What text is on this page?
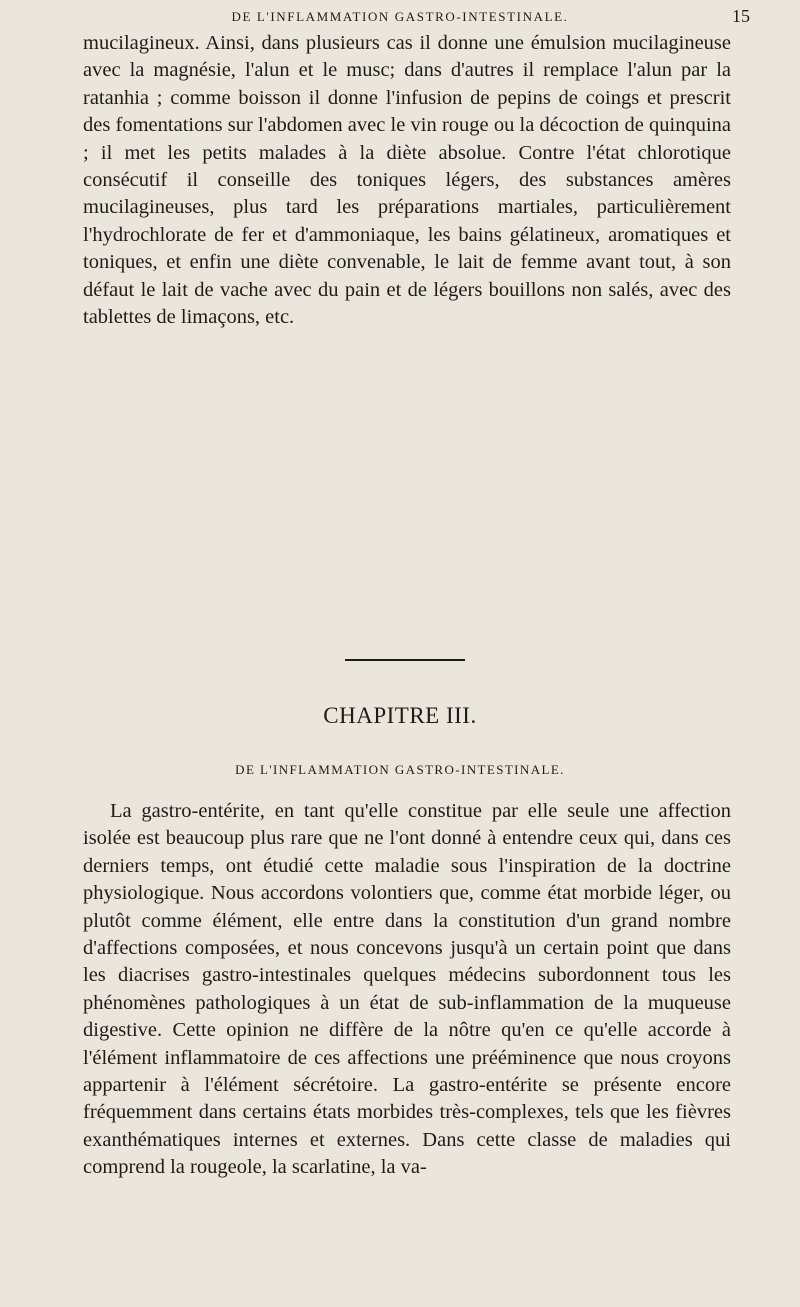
DE L'INFLAMMATION GASTRO-INTESTINALE.	15

mucilagineux. Ainsi, dans plusieurs cas il donne une émulsion mucilagineuse avec la magnésie, l'alun et le musc; dans d'autres il remplace l'alun par la ratanhia ; comme boisson il donne l'infusion de pepins de coings et prescrit des fomentations sur l'abdomen avec le vin rouge ou la décoction de quinquina ; il met les petits malades à la diète absolue. Contre l'état chlorotique consécutif il conseille des toniques légers, des substances amères mucilagineuses, plus tard les préparations martiales, particulièrement l'hydrochlorate de fer et d'ammoniaque, les bains gélatineux, aromatiques et toniques, et enfin une diète convenable, le lait de femme avant tout, à son défaut le lait de vache avec du pain et de légers bouillons non salés, avec des tablettes de limaçons, etc.

CHAPITRE III.
DE L'INFLAMMATION GASTRO-INTESTINALE.

La gastro-entérite, en tant qu'elle constitue par elle seule une affection isolée est beaucoup plus rare que ne l'ont donné à entendre ceux qui, dans ces derniers temps, ont étudié cette maladie sous l'inspiration de la doctrine physiologique. Nous accordons volontiers que, comme état morbide léger, ou plutôt comme élément, elle entre dans la constitution d'un grand nombre d'affections composées, et nous concevons jusqu'à un certain point que dans les diacrises gastro-intestinales quelques médecins subordonnent tous les phénomènes pathologiques à un état de sub-inflammation de la muqueuse digestive. Cette opinion ne diffère de la nôtre qu'en ce qu'elle accorde à l'élément inflammatoire de ces affections une prééminence que nous croyons appartenir à l'élément sécrétoire. La gastro-entérite se présente encore fréquemment dans certains états morbides très-complexes, tels que les fièvres exanthématiques internes et externes. Dans cette classe de maladies qui comprend la rougeole, la scarlatine, la va-
